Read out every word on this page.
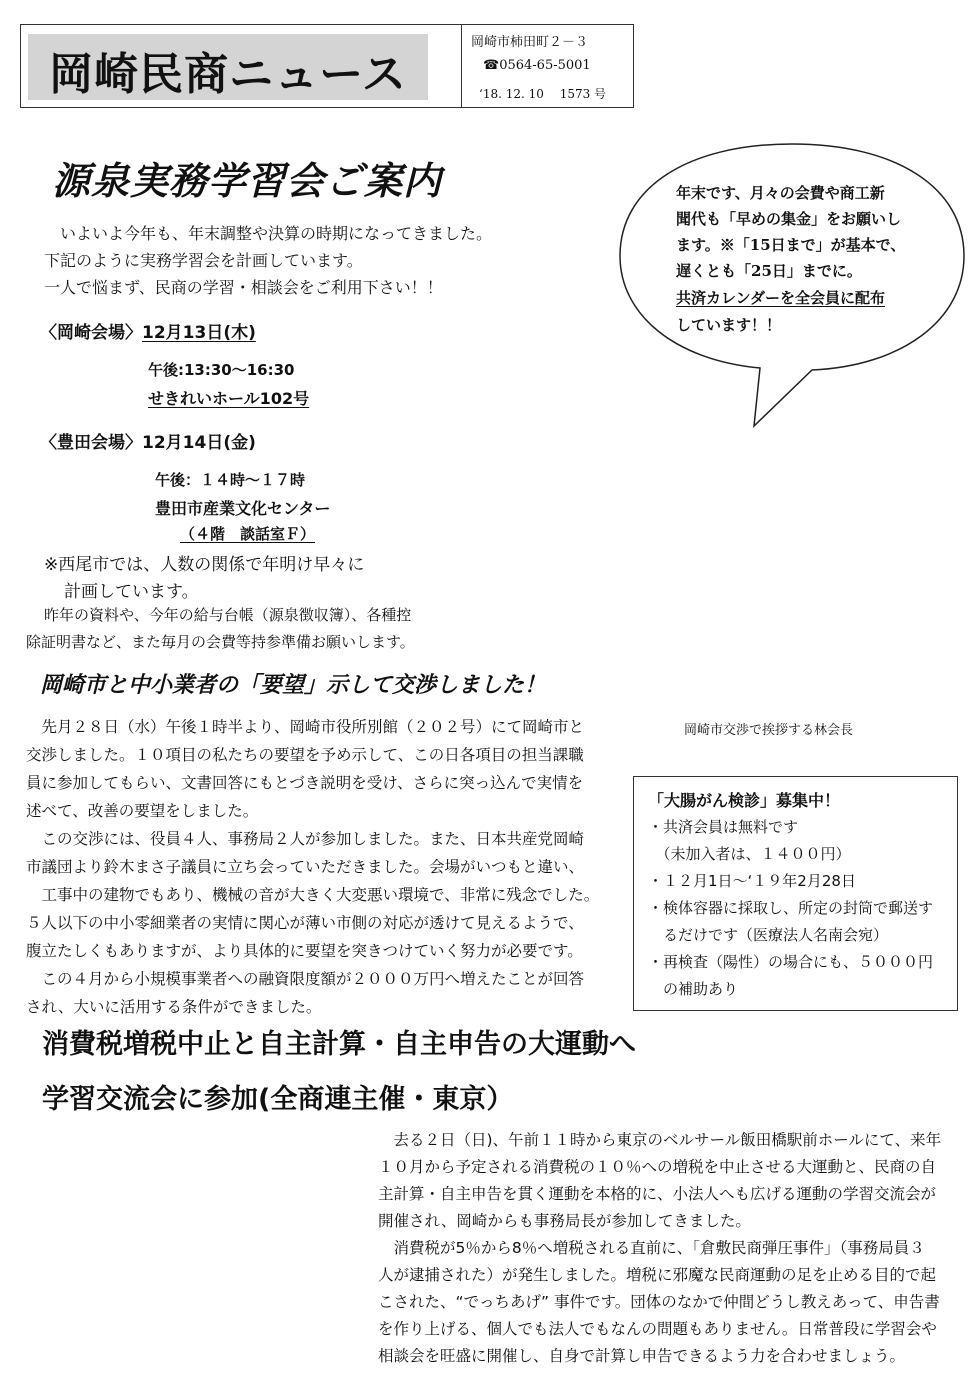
岡崎民商ニュース
岡崎市柿田町２－３
☎0564-65-5001
‘18. 12. 10　 1573 号
源泉実務学習会ご案内
　いよいよ今年も、年末調整や決算の時期になってきました。
下記のように実務学習会を計画しています。
一人で悩まず、民商の学習・相談会をご利用下さい！！
〈岡崎会場〉12月13日(木)
午後:13:30～16:30
せきれいホール102号
〈豊田会場〉12月14日(金)
午後：１４時～１７時
豊田市産業文化センター
（４階　談話室Ｆ）
※西尾市では、人数の関係で年明け早々に
計画しています。
昨年の資料や、今年の給与台帳（源泉徴収簿）、各種控
除証明書など、また毎月の会費等持参準備お願いします。
年末です、月々の会費や商工新
聞代も「早めの集金」をお願いし
ます。※「15日まで」が基本で、
遅くとも「25日」までに。
共済カレンダーを全会員に配布
しています！！
岡崎市と中小業者の「要望」示して交渉しました！
岡崎市交渉で挨拶する林会長
　先月２８日（水）午後１時半より、岡崎市役所別館（２０２号）にて岡崎市と
交渉しました。１０項目の私たちの要望を予め示して、この日各項目の担当課職
員に参加してもらい、文書回答にもとづき説明を受け、さらに突っ込んで実情を
述べて、改善の要望をしました。
　この交渉には、役員４人、事務局２人が参加しました。また、日本共産党岡崎
市議団より鈴木まさ子議員に立ち会っていただきました。会場がいつもと違い、
　工事中の建物でもあり、機械の音が大きく大変悪い環境で、非常に残念でした。
５人以下の中小零細業者の実情に関心が薄い市側の対応が透けて見えるようで、
腹立たしくもありますが、より具体的に要望を突きつけていく努力が必要です。
　この４月から小規模事業者への融資限度額が２０００万円へ増えたことが回答
され、大いに活用する条件ができました。
「大腸がん検診」募集中！
・共済会員は無料です
　（未加入者は、１４００円）
・１２月1日～‘１９年2月28日
・検体容器に採取し、所定の封筒で郵送す
　るだけです（医療法人名南会宛）
・再検査（陽性）の場合にも、５０００円
　の補助あり
消費税増税中止と自主計算・自主申告の大運動へ
学習交流会に参加(全商連主催・東京）
　去る２日（日)、午前１１時から東京のベルサール飯田橋駅前ホールにて、来年
１０月から予定される消費税の１０％への増税を中止させる大運動と、民商の自
主計算・自主申告を貫く運動を本格的に、小法人へも広げる運動の学習交流会が
開催され、岡崎からも事務局長が参加してきました。
　消費税が5％から8％へ増税される直前に、「倉敷民商弾圧事件」（事務局員３
人が逮捕された）が発生しました。増税に邪魔な民商運動の足を止める目的で起
こされた、“でっちあげ” 事件です。団体のなかで仲間どうし教えあって、申告書
を作り上げる、個人でも法人でもなんの問題もありません。日常普段に学習会や
相談会を旺盛に開催し、自身で計算し申告できるよう力を合わせましょう。
